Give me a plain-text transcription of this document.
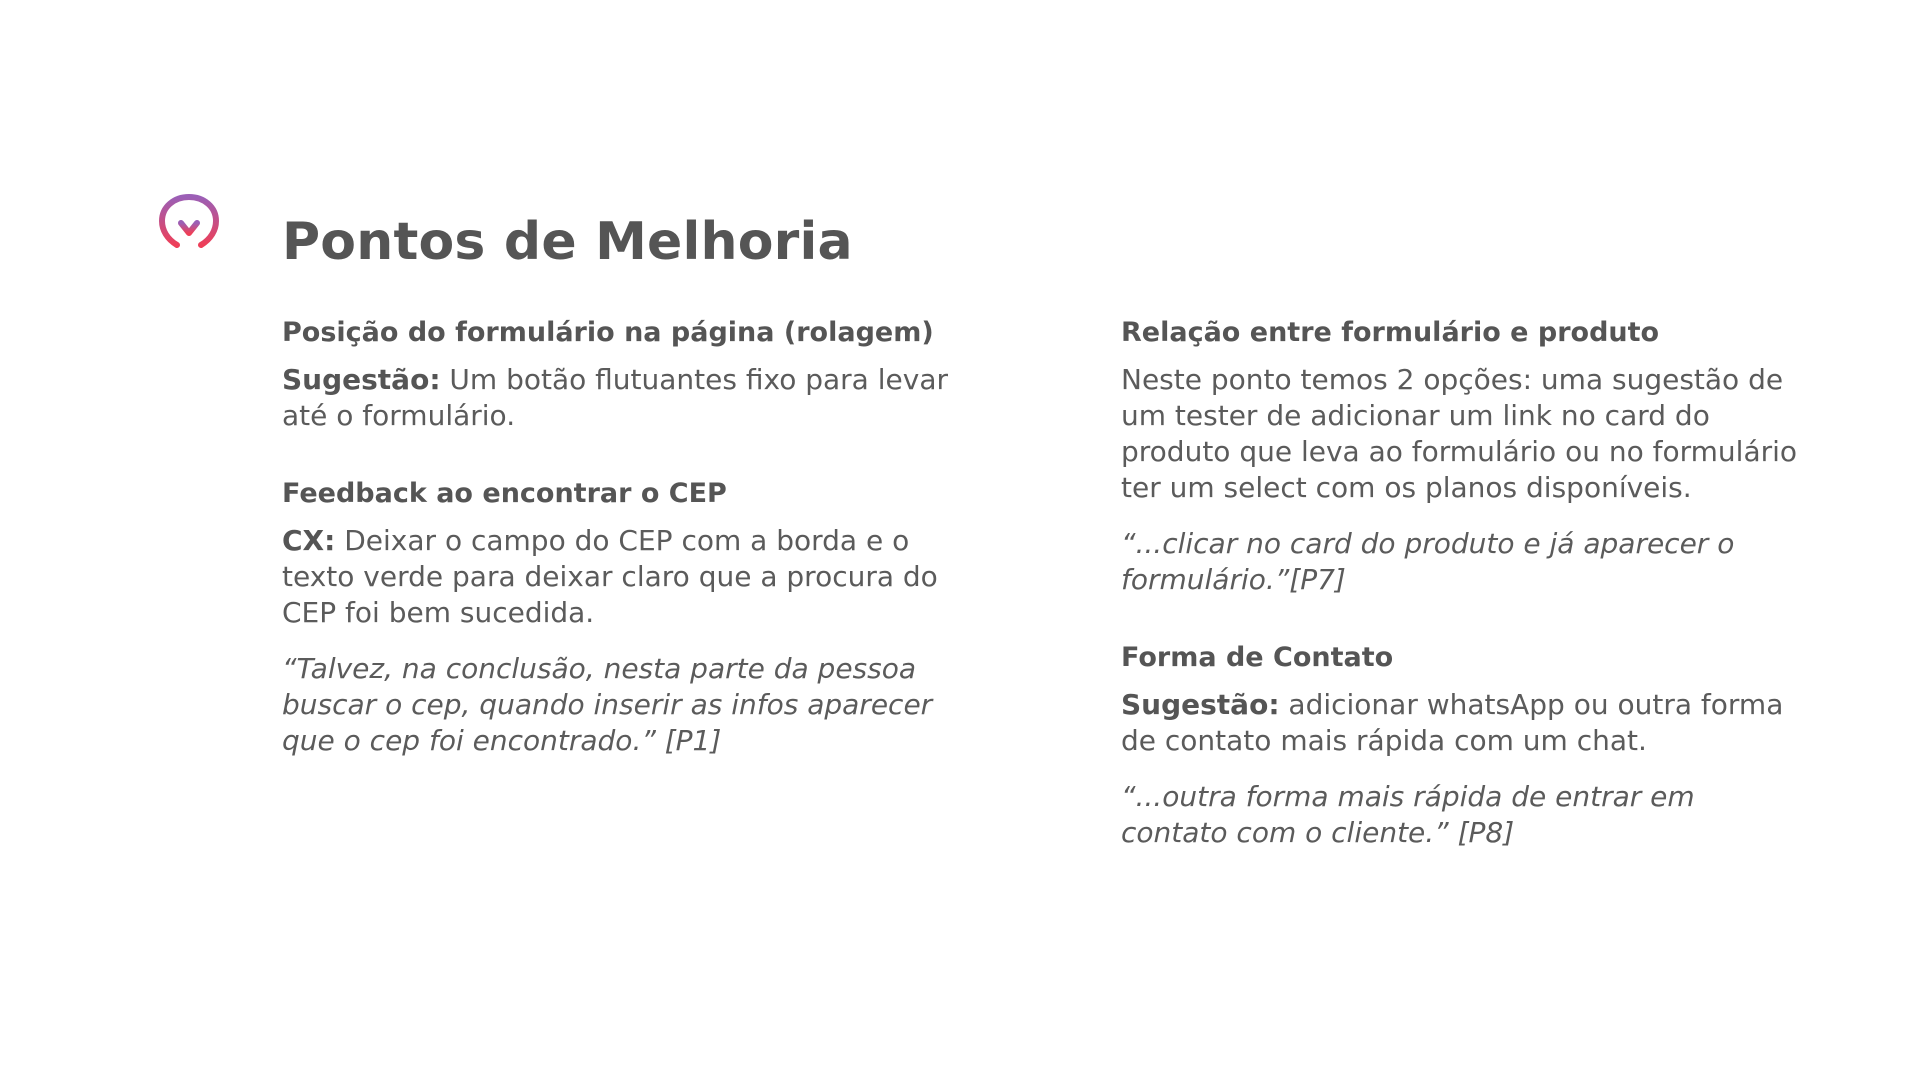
Pontos de Melhoria
Posição do formulário na página (rolagem)

Sugestão: Um botão flutuantes fixo para levar até o formulário.

Feedback ao encontrar o CEP

CX: Deixar o campo do CEP com a borda e o texto verde para deixar claro que a procura do CEP foi bem sucedida.

“Talvez, na conclusão, nesta parte da pessoa buscar o cep, quando inserir as infos aparecer que o cep foi encontrado.” [P1]

Relação entre formulário e produto

Neste ponto temos 2 opções: uma sugestão de um tester de adicionar um link no card do produto que leva ao formulário ou no formulário ter um select com os planos disponíveis.

“...clicar no card do produto e já aparecer o formulário.”[P7]

Forma de Contato

Sugestão: adicionar whatsApp ou outra forma de contato mais rápida com um chat.

“...outra forma mais rápida de entrar em contato com o cliente.” [P8]
